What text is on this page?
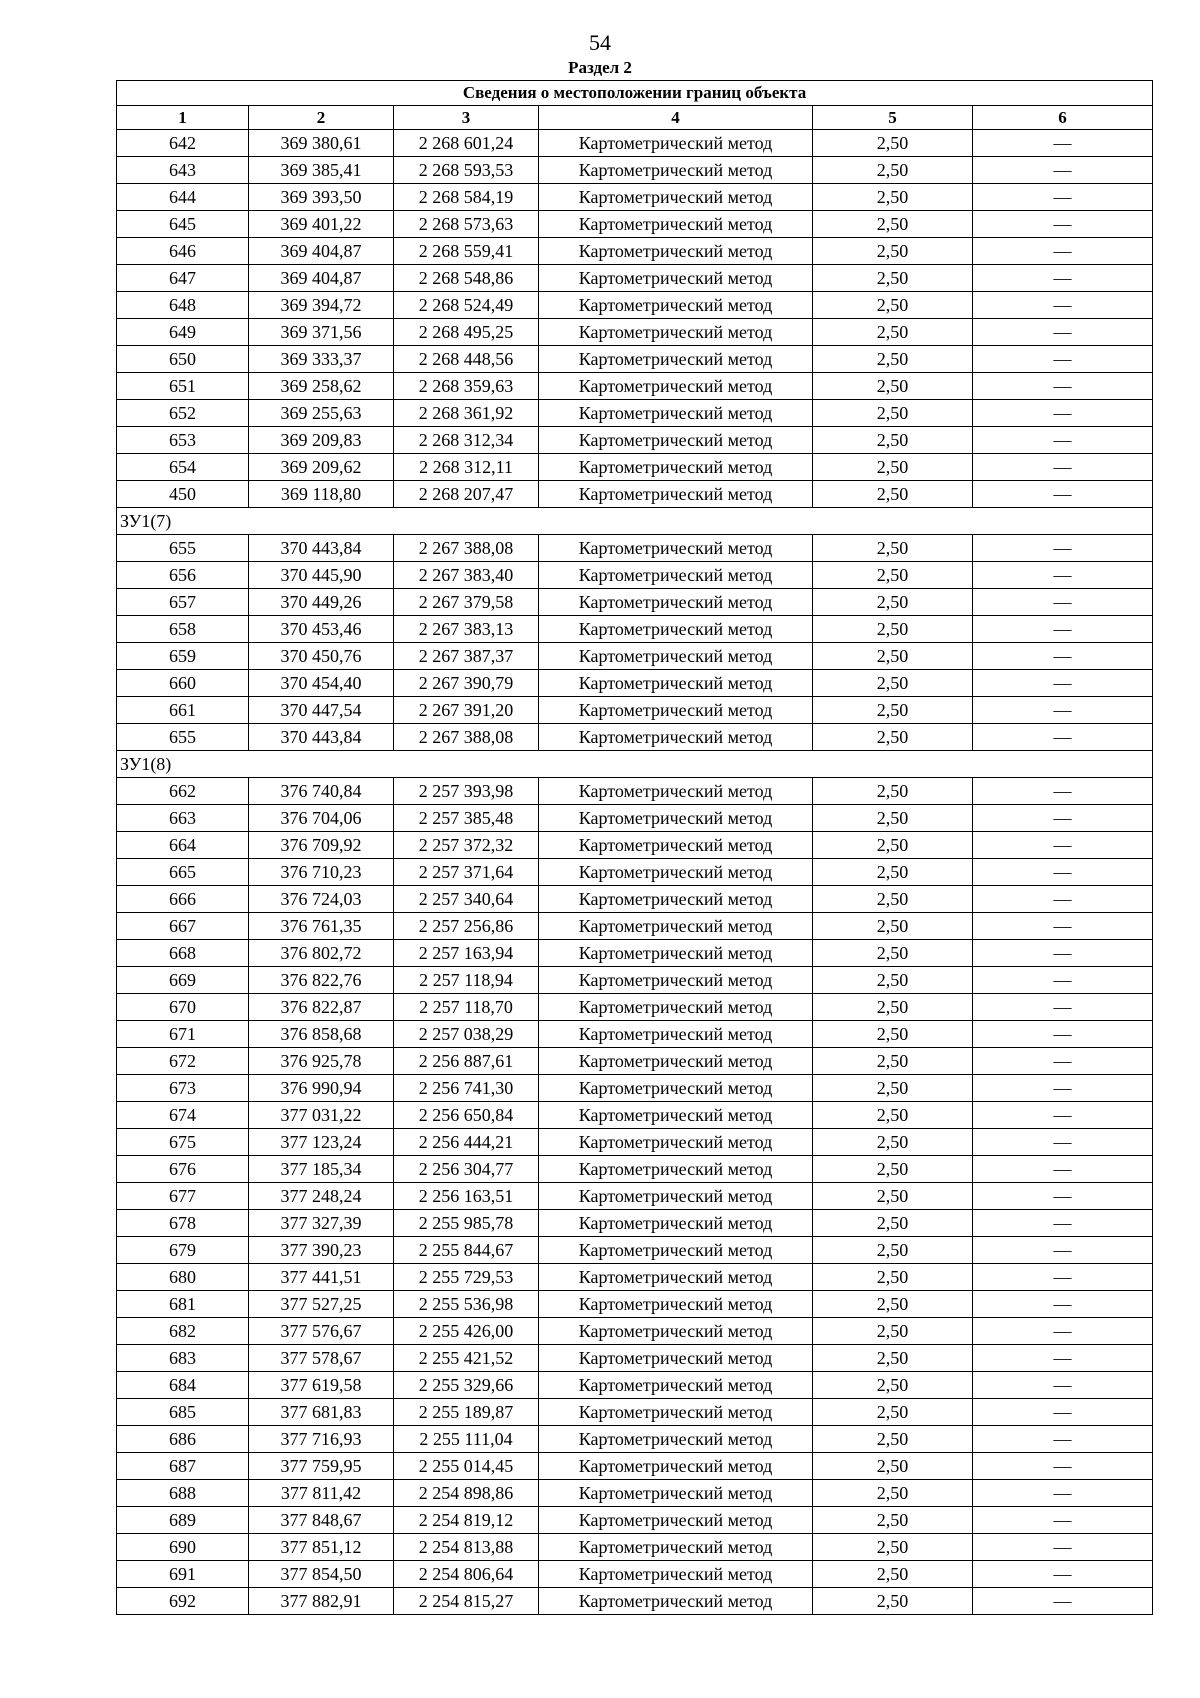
54
Раздел 2
Сведения о местоположении границ объекта					
1	2	3	4	5	6
642	369 380,61	2 268 601,24	Картометрический метод	2,50	—
643	369 385,41	2 268 593,53	Картометрический метод	2,50	—
644	369 393,50	2 268 584,19	Картометрический метод	2,50	—
645	369 401,22	2 268 573,63	Картометрический метод	2,50	—
646	369 404,87	2 268 559,41	Картометрический метод	2,50	—
647	369 404,87	2 268 548,86	Картометрический метод	2,50	—
648	369 394,72	2 268 524,49	Картометрический метод	2,50	—
649	369 371,56	2 268 495,25	Картометрический метод	2,50	—
650	369 333,37	2 268 448,56	Картометрический метод	2,50	—
651	369 258,62	2 268 359,63	Картометрический метод	2,50	—
652	369 255,63	2 268 361,92	Картометрический метод	2,50	—
653	369 209,83	2 268 312,34	Картометрический метод	2,50	—
654	369 209,62	2 268 312,11	Картометрический метод	2,50	—
450	369 118,80	2 268 207,47	Картометрический метод	2,50	—
ЗУ1(7)					
655	370 443,84	2 267 388,08	Картометрический метод	2,50	—
656	370 445,90	2 267 383,40	Картометрический метод	2,50	—
657	370 449,26	2 267 379,58	Картометрический метод	2,50	—
658	370 453,46	2 267 383,13	Картометрический метод	2,50	—
659	370 450,76	2 267 387,37	Картометрический метод	2,50	—
660	370 454,40	2 267 390,79	Картометрический метод	2,50	—
661	370 447,54	2 267 391,20	Картометрический метод	2,50	—
655	370 443,84	2 267 388,08	Картометрический метод	2,50	—
ЗУ1(8)					
662	376 740,84	2 257 393,98	Картометрический метод	2,50	—
663	376 704,06	2 257 385,48	Картометрический метод	2,50	—
664	376 709,92	2 257 372,32	Картометрический метод	2,50	—
665	376 710,23	2 257 371,64	Картометрический метод	2,50	—
666	376 724,03	2 257 340,64	Картометрический метод	2,50	—
667	376 761,35	2 257 256,86	Картометрический метод	2,50	—
668	376 802,72	2 257 163,94	Картометрический метод	2,50	—
669	376 822,76	2 257 118,94	Картометрический метод	2,50	—
670	376 822,87	2 257 118,70	Картометрический метод	2,50	—
671	376 858,68	2 257 038,29	Картометрический метод	2,50	—
672	376 925,78	2 256 887,61	Картометрический метод	2,50	—
673	376 990,94	2 256 741,30	Картометрический метод	2,50	—
674	377 031,22	2 256 650,84	Картометрический метод	2,50	—
675	377 123,24	2 256 444,21	Картометрический метод	2,50	—
676	377 185,34	2 256 304,77	Картометрический метод	2,50	—
677	377 248,24	2 256 163,51	Картометрический метод	2,50	—
678	377 327,39	2 255 985,78	Картометрический метод	2,50	—
679	377 390,23	2 255 844,67	Картометрический метод	2,50	—
680	377 441,51	2 255 729,53	Картометрический метод	2,50	—
681	377 527,25	2 255 536,98	Картометрический метод	2,50	—
682	377 576,67	2 255 426,00	Картометрический метод	2,50	—
683	377 578,67	2 255 421,52	Картометрический метод	2,50	—
684	377 619,58	2 255 329,66	Картометрический метод	2,50	—
685	377 681,83	2 255 189,87	Картометрический метод	2,50	—
686	377 716,93	2 255 111,04	Картометрический метод	2,50	—
687	377 759,95	2 255 014,45	Картометрический метод	2,50	—
688	377 811,42	2 254 898,86	Картометрический метод	2,50	—
689	377 848,67	2 254 819,12	Картометрический метод	2,50	—
690	377 851,12	2 254 813,88	Картометрический метод	2,50	—
691	377 854,50	2 254 806,64	Картометрический метод	2,50	—
692	377 882,91	2 254 815,27	Картометрический метод	2,50	—
